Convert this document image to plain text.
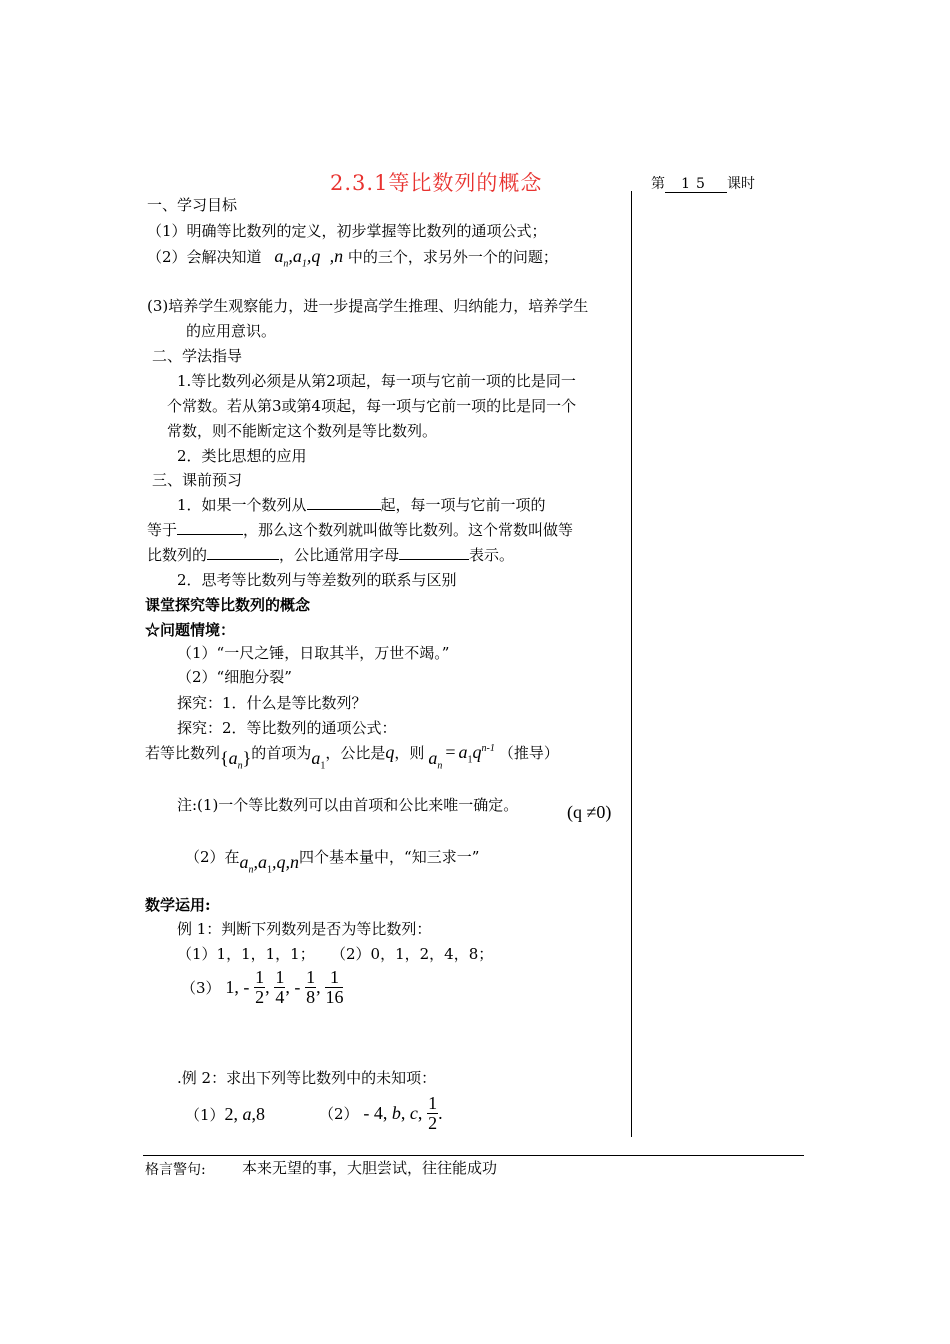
2.3.1等比数列的概念	第 15 课时
一、学习目标
（1）明确等比数列的定义，初步掌握等比数列的通项公式；
（2）会解决知道 $a_n,a_1,q$  ,n 中的三个，求另外一个的问题；
(3)培养学生观察能力，进一步提高学生推理、归纳能力，培养学生
的应用意识。
二、学法指导
1.等比数列必须是从第2项起，每一项与它前一项的比是同一
个常数。若从第3或第4项起，每一项与它前一项的比是同一个
常数，则不能断定这个数列是等比数列。
2．类比思想的应用
三、课前预习
1．如果一个数列从	起，每一项与它前一项的
等于	，那么这个数列就叫做等比数列。这个常数叫做等
比数列的	，公比通常用字母	表示。
2．思考等比数列与等差数列的联系与区别
课堂探究等比数列的概念
☆问题情境：
（1）“一尺之锤，日取其半，万世不竭。”
（2）“细胞分裂”
探究：1．什么是等比数列？
探究：2．等比数列的通项公式：
若等比数列$\{a_n\}$的首项为$a_1$，公比是q，则 $a_n= a_1q^{n-1}$ （推导）
注:(1)一个等比数列可以由首项和公比来唯一确定。	(q ≠0)
（2）在$a_n,a_1,q,n$四个基本量中，“知三求一”
数学运用:
例 1：判断下列数列是否为等比数列：
（1）1，1，1，1； （2）0，1，2，4，8；
（3） 1, - $\frac{1}{2}$ , $\frac{1}{4}$ , - $\frac{1}{8}$ , $\frac{1}{16}$
.例 2：求出下列等比数列中的未知项：
（1）2, a,8	（2） - 4, b, c, $\frac{1}{2}$ .
格言警句: 本来无望的事，大胆尝试，往往能成功
